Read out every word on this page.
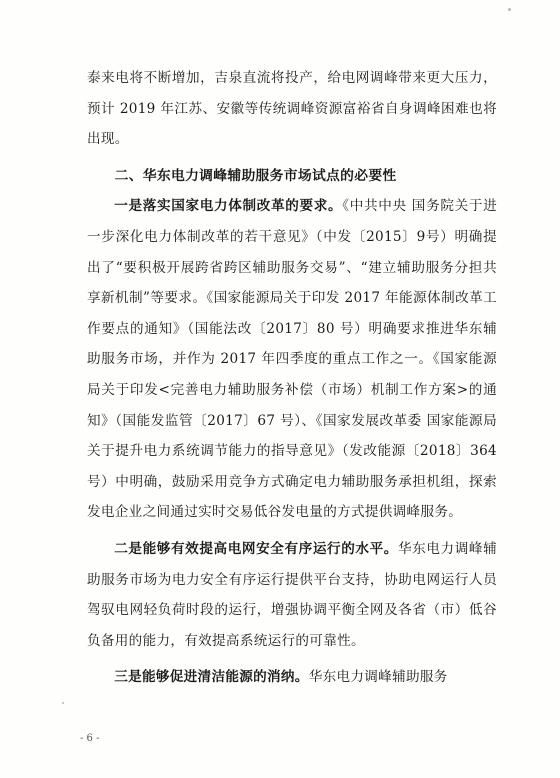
泰来电将不断增加，吉泉直流将投产，给电网调峰带来更大压力，预计 2019 年江苏、安徽等传统调峰资源富裕省自身调峰困难也将出现。

二、华东电力调峰辅助服务市场试点的必要性

一是落实国家电力体制改革的要求。《中共中央 国务院关于进一步深化电力体制改革的若干意见》（中发〔2015〕9号）明确提出了“要积极开展跨省跨区辅助服务交易”、“建立辅助服务分担共享新机制”等要求。《国家能源局关于印发 2017 年能源体制改革工作要点的通知》（国能法改〔2017〕80 号）明确要求推进华东辅助服务市场，并作为 2017 年四季度的重点工作之一。《国家能源局关于印发<完善电力辅助服务补偿（市场）机制工作方案>的通知》（国能发监管〔2017〕67 号）、《国家发展改革委 国家能源局关于提升电力系统调节能力的指导意见》（发改能源〔2018〕364 号）中明确，鼓励采用竞争方式确定电力辅助服务承担机组，探索发电企业之间通过实时交易低谷发电量的方式提供调峰服务。

二是能够有效提高电网安全有序运行的水平。华东电力调峰辅助服务市场为电力安全有序运行提供平台支持，协助电网运行人员驾驭电网轻负荷时段的运行，增强协调平衡全网及各省（市）低谷负备用的能力，有效提高系统运行的可靠性。

三是能够促进清洁能源的消纳。华东电力调峰辅助服务

- 6 -
